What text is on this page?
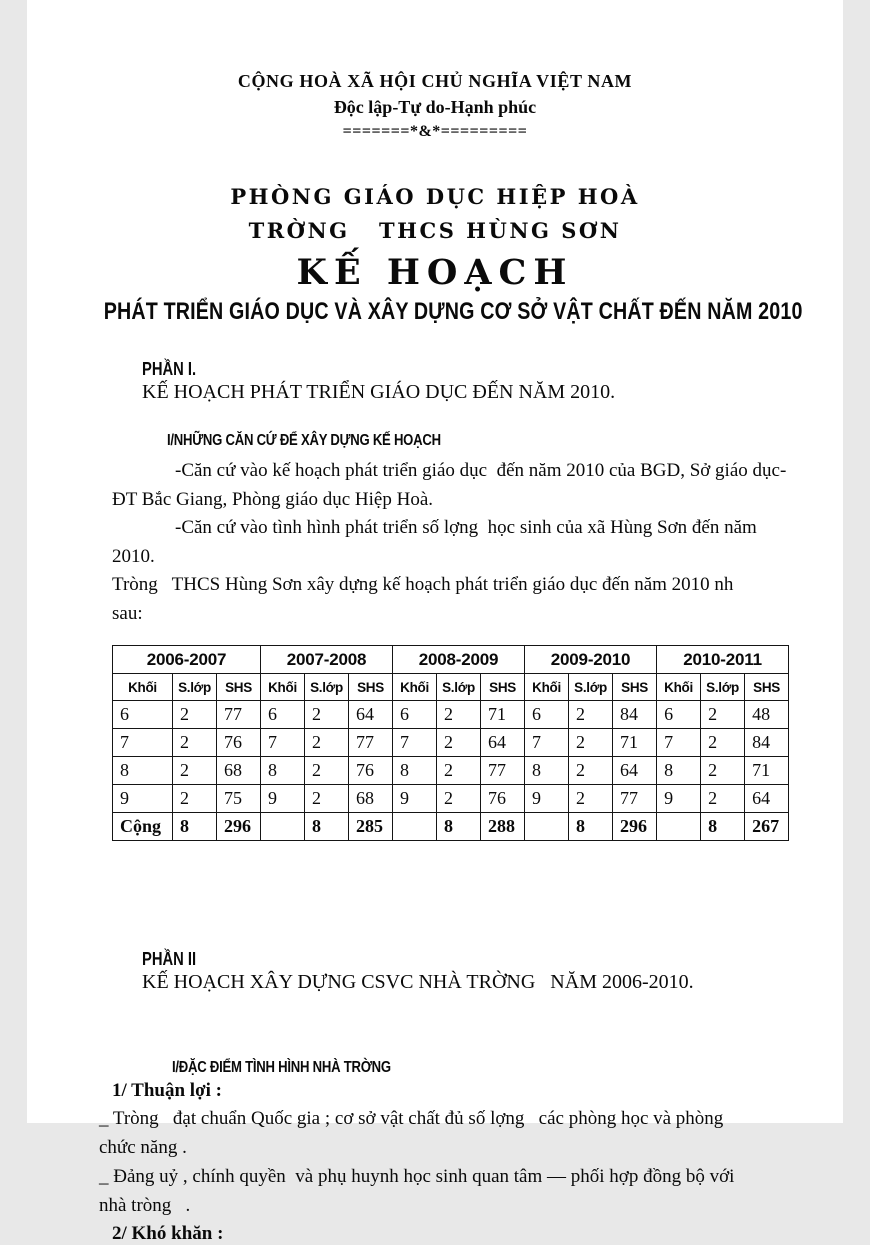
CỘNG HOÀ XÃ HỘI CHỦ NGHĨA VIỆT NAM
Độc lập-Tự do-Hạnh phúc
=======*&*=========
PHÒNG GIÁO DỤC HIỆP HOÀ
TRỜNG   THCS HÙNG SƠN
KẾ HOẠCH
PHÁT TRIỂN GIÁO DỤC VÀ XÂY DỰNG CƠ SỞ VẬT CHẤT ĐẾN NĂM 2010

PHẦN I.
KẾ HOẠCH PHÁT TRIỂN GIÁO DỤC ĐẾN NĂM 2010.

I/NHỮNG CĂN CỨ ĐỂ XÂY DỰNG KẾ HOẠCH
-Căn cứ vào kế hoạch phát triển giáo dục  đến năm 2010 của BGD, Sở giáo dục-
ĐT Bắc Giang, Phòng giáo dục Hiệp Hoà.
-Căn cứ vào tình hình phát triển số lợng  học sinh của xã Hùng Sơn đến năm
2010.
Tròng   THCS Hùng Sơn xây dựng kế hoạch phát triển giáo dục đến năm 2010 nh
sau:
2006-2007			2007-2008			2008-2009			2009-2010			2010-2011		
Khối	S.lớp	SHS	Khối	S.lớp	SHS	Khối	S.lớp	SHS	Khối	S.lớp	SHS	Khối	S.lớp	SHS
6	2	77	6	2	64	6	2	71	6	2	84	6	2	48
7	2	76	7	2	77	7	2	64	7	2	71	7	2	84
8	2	68	8	2	76	8	2	77	8	2	64	8	2	71
9	2	75	9	2	68	9	2	76	9	2	77	9	2	64
Cộng	8	296		8	285		8	288		8	296		8	267

PHẦN II
KẾ HOẠCH XÂY DỰNG CSVC NHÀ TRỜNG   NĂM 2006-2010.

I/ĐẶC ĐIỂM TÌNH HÌNH NHÀ TRỜNG
1/ Thuận lợi :
_ Tròng   đạt chuẩn Quốc gia ; cơ sở vật chất đủ số lợng   các phòng học và phòng
chức năng .
_ Đảng uỷ , chính quyền  và phụ huynh học sinh quan tâm — phối hợp đồng bộ với
nhà tròng   .
2/ Khó khăn :
